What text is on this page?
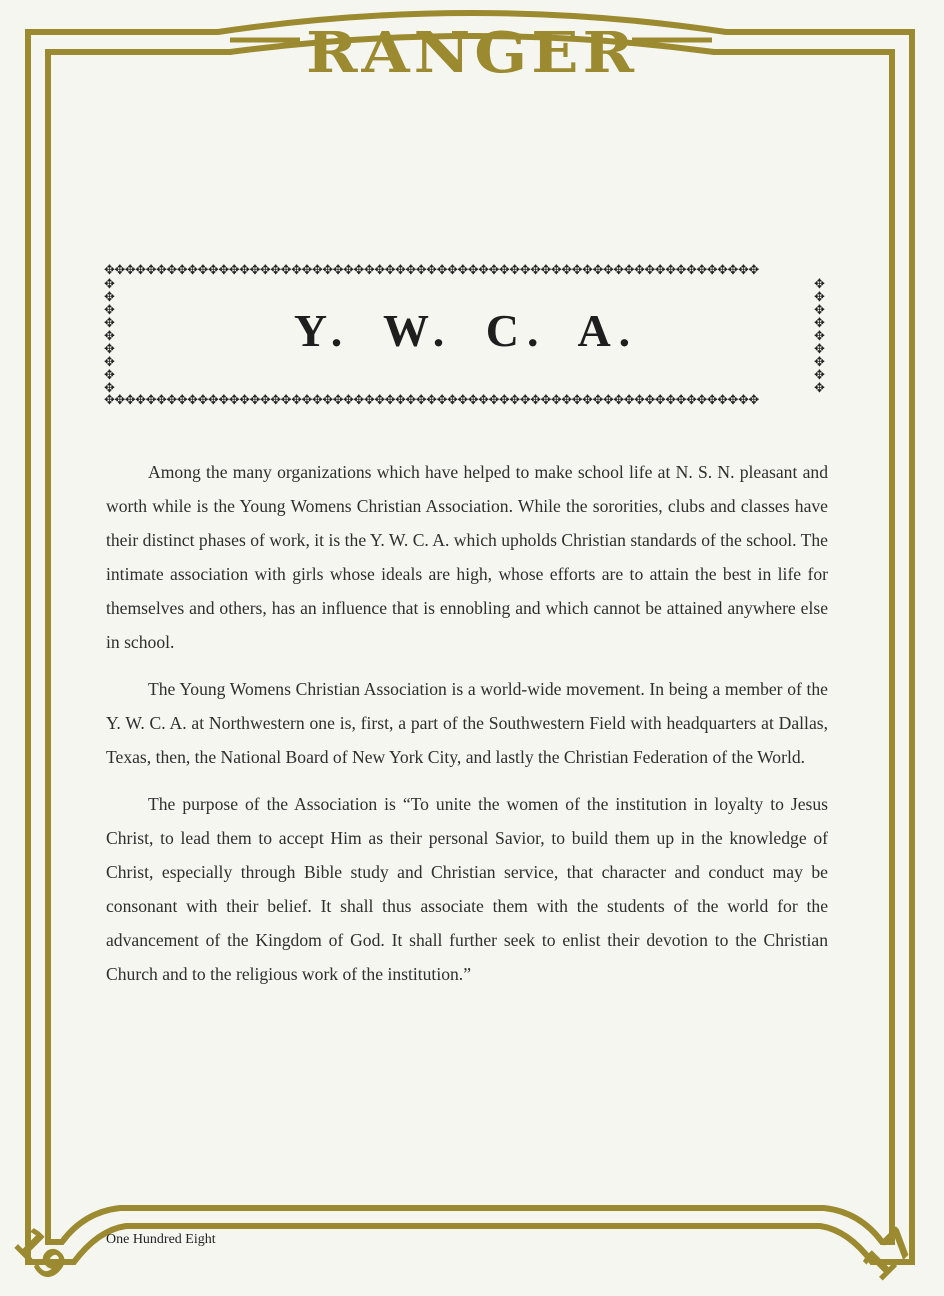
RANGER
✥✥✥✥✥✥✥✥✥✥✥✥✥✥✥✥✥✥✥✥✥✥✥✥✥✥✥✥✥✥✥✥✥✥✥✥✥✥✥✥✥✥✥✥✥✥✥✥✥✥✥✥✥✥✥✥✥✥✥✥✥✥✥
✥✥✥✥✥✥✥✥✥✥✥✥✥✥✥✥✥✥✥✥✥✥✥✥✥✥✥✥✥✥✥✥✥✥✥✥✥✥✥✥✥✥✥✥✥✥✥✥✥✥✥✥✥✥✥✥✥✥✥✥✥✥✥
✥✥✥✥✥✥✥✥✥
✥✥✥✥✥✥✥✥✥
Y. W. C. A.

Among the many organizations which have helped to make school life at N. S. N. pleasant and worth while is the Young Womens Christian Association. While the sororities, clubs and classes have their distinct phases of work, it is the Y. W. C. A. which upholds Christian standards of the school. The intimate association with girls whose ideals are high, whose efforts are to attain the best in life for themselves and others, has an influence that is ennobling and which cannot be attained anywhere else in school.

The Young Womens Christian Association is a world-wide movement. In being a member of the Y. W. C. A. at Northwestern one is, first, a part of the Southwestern Field with headquarters at Dallas, Texas, then, the National Board of New York City, and lastly the Christian Federation of the World.

The purpose of the Association is “To unite the women of the institution in loyalty to Jesus Christ, to lead them to accept Him as their personal Savior, to build them up in the knowledge of Christ, especially through Bible study and Christian service, that character and conduct may be consonant with their belief. It shall thus associate them with the students of the world for the advancement of the Kingdom of God. It shall further seek to enlist their devotion to the Christian Church and to the religious work of the institution.”

One Hundred Eight
19	17
